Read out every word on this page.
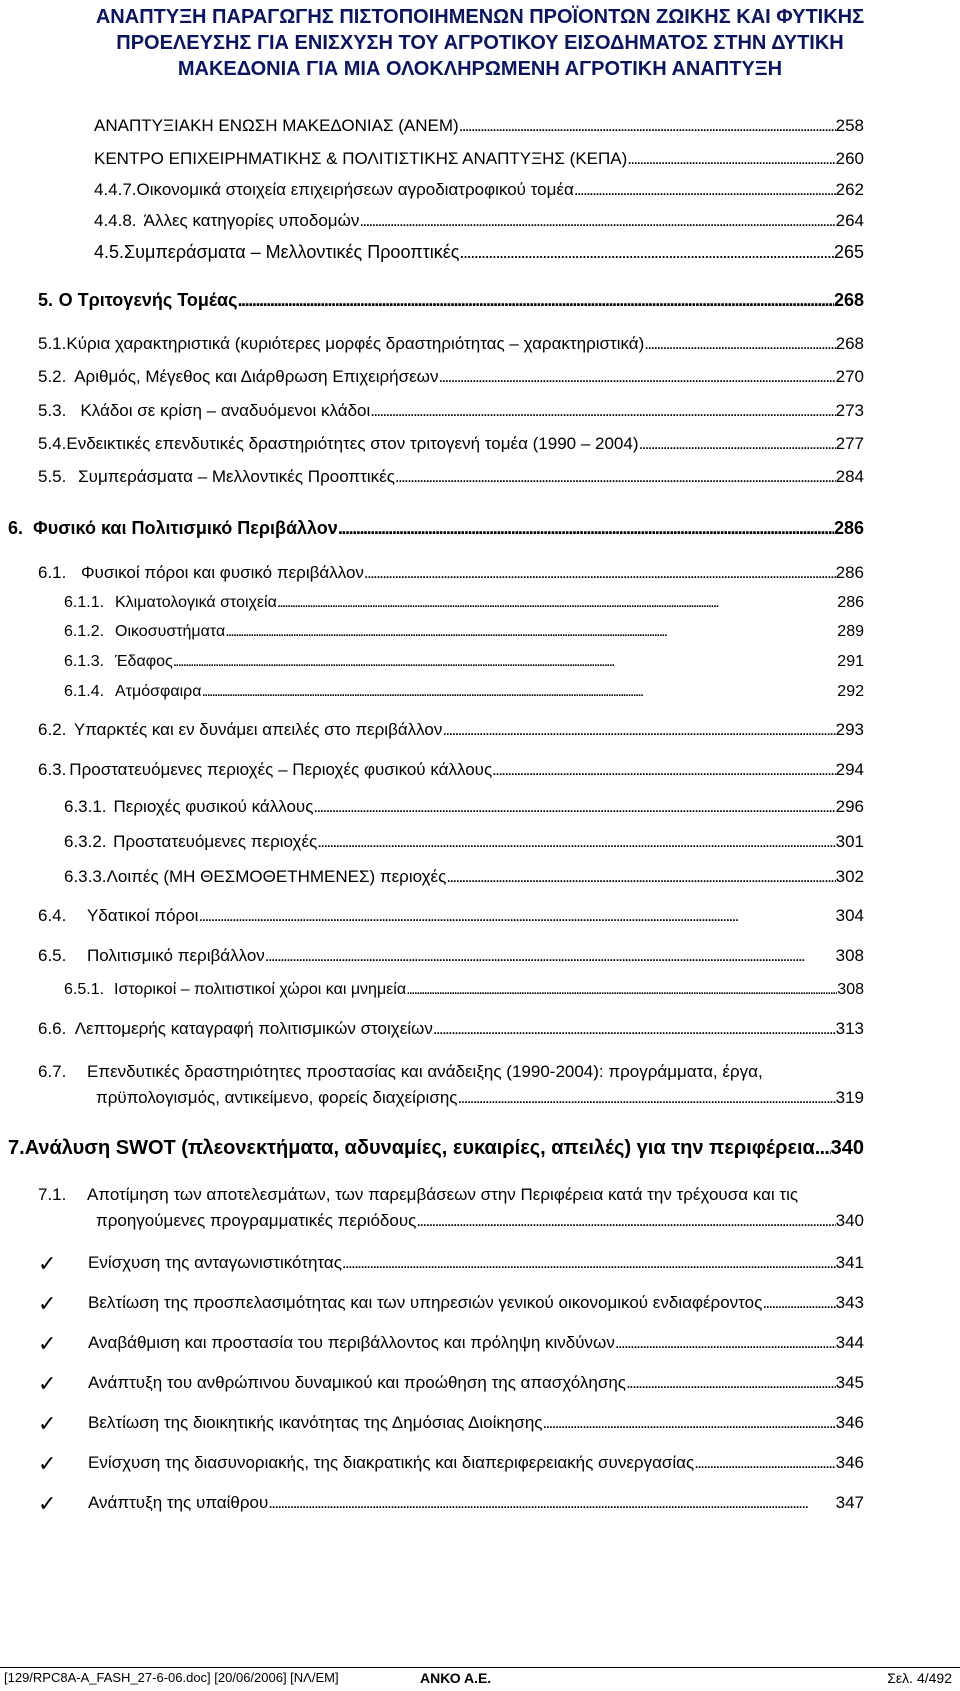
ΑΝΑΠΤΥΞΗ ΠΑΡΑΓΩΓΗΣ ΠΙΣΤΟΠΟΙΗΜΕΝΩΝ ΠΡΟΪΟΝΤΩΝ ΖΩΙΚΗΣ ΚΑΙ ΦΥΤΙΚΗΣ
ΠΡΟΕΛΕΥΣΗΣ ΓΙΑ ΕΝΙΣΧΥΣΗ ΤΟΥ ΑΓΡΟΤΙΚΟΥ ΕΙΣΟΔΗΜΑΤΟΣ ΣΤΗΝ ΔΥΤΙΚΗ
ΜΑΚΕΔΟΝΙΑ ΓΙΑ ΜΙΑ ΟΛΟΚΛΗΡΩΜΕΝΗ ΑΓΡΟΤΙΚΗ ΑΝΑΠΤΥΞΗ
ΑΝΑΠΤΥΞΙΑΚΗ ΕΝΩΣΗ ΜΑΚΕΔΟΝΙΑΣ (ΑΝΕΜ) . . .	258
ΚΕΝΤΡΟ ΕΠΙΧΕΙΡΗΜΑΤΙΚΗΣ & ΠΟΛΙΤΙΣΤΙΚΗΣ ΑΝΑΠΤΥΞΗΣ (ΚΕΠΑ) . . .	260
4.4.7. Οικονομικά στοιχεία επιχειρήσεων αγροδιατροφικού τομέα . . .	262
4.4.8. Άλλες κατηγορίες υποδομών . . .	264
4.5. Συμπεράσματα – Μελλοντικές Προοπτικές . . .	265
5. Ο Τριτογενής Τομέας . . .	268
5.1. Κύρια χαρακτηριστικά (κυριότερες μορφές δραστηριότητας – χαρακτηριστικά) . . .	268
5.2. Αριθμός, Μέγεθος και Διάρθρωση Επιχειρήσεων . . .	270
5.3. Κλάδοι σε κρίση – αναδυόμενοι κλάδοι . . .	273
5.4. Ενδεικτικές επενδυτικές δραστηριότητες στον τριτογενή τομέα (1990 – 2004) . . .	277
5.5. Συμπεράσματα – Μελλοντικές Προοπτικές . . .	284
6. Φυσικό και Πολιτισμικό Περιβάλλον . . .	286
6.1. Φυσικοί πόροι και φυσικό περιβάλλον . . .	286
6.1.1. Κλιματολογικά στοιχεία . . .	286
6.1.2. Οικοσυστήματα . . .	289
6.1.3. Έδαφος . . .	291
6.1.4. Ατμόσφαιρα . . .	292
6.2. Υπαρκτές και εν δυνάμει απειλές στο περιβάλλον . . .	293
6.3. Προστατευόμενες περιοχές – Περιοχές φυσικού κάλλους . . .	294
6.3.1. Περιοχές φυσικού κάλλους . . .	296
6.3.2. Προστατευόμενες περιοχές . . .	301
6.3.3. Λοιπές (ΜΗ ΘΕΣΜΟΘΕΤΗΜΕΝΕΣ) περιοχές . . .	302
6.4.	Υδατικοί πόροι . . .	304
6.5.	Πολιτισμικό περιβάλλον . . .	308
6.5.1. Ιστορικοί – πολιτιστικοί χώροι και μνημεία . . .	308
6.6. Λεπτομερής καταγραφή πολιτισμικών στοιχείων . . .	313
6.7. Επενδυτικές δραστηριότητες προστασίας και ανάδειξης (1990-2004): προγράμματα, έργα,
πρϋπολογισμός, αντικείμενο, φορείς διαχείρισης . . .	319
7. Ανάλυση SWOT (πλεονεκτήματα, αδυναμίες, ευκαιρίες, απειλές) για την περιφέρεια . . . 340
7.1. Αποτίμηση των αποτελεσμάτων, των παρεμβάσεων στην Περιφέρεια κατά την τρέχουσα και τις
προηγούμενες προγραμματικές περιόδους . . .	340
✓ Ενίσχυση της ανταγωνιστικότητας . . .	341
✓ Βελτίωση της προσπελασιμότητας και των υπηρεσιών γενικού οικονομικού ενδιαφέροντος . . .	343
✓ Αναβάθμιση και προστασία του περιβάλλοντος και πρόληψη κινδύνων . . .	344
✓ Ανάπτυξη του ανθρώπινου δυναμικού και προώθηση της απασχόλησης . . .	345
✓ Βελτίωση της διοικητικής ικανότητας της Δημόσιας Διοίκησης . . .	346
✓ Ενίσχυση της διασυνοριακής, της διακρατικής και διαπεριφερειακής συνεργασίας . . .	346
✓ Ανάπτυξη της υπαίθρου . . .	347
[129/RPC8A-A_FASH_27-6-06.doc] [20/06/2006] [ΝΛ/ΕΜ]	ΑΝΚΟ Α.Ε.	Σελ. 4/492
